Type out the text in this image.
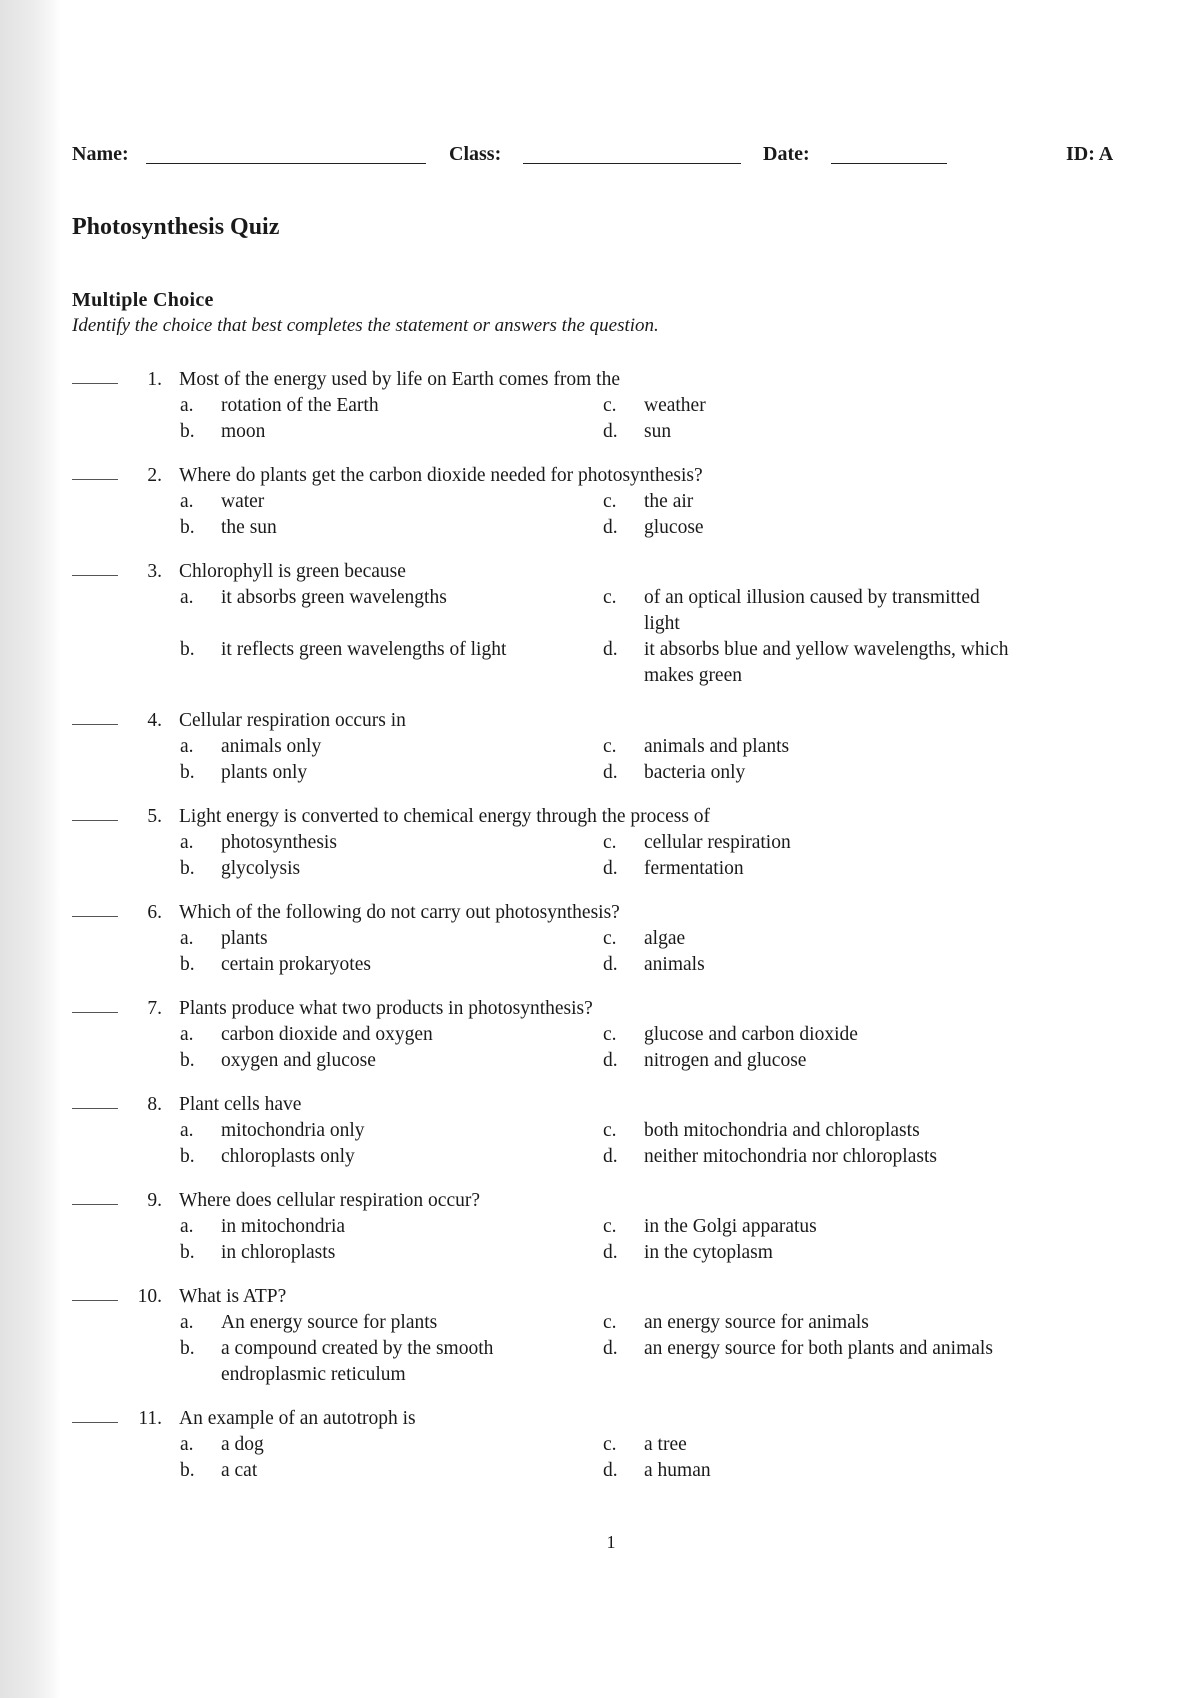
Name:	Class:	Date:	ID: A
Photosynthesis Quiz
Multiple Choice
Identify the choice that best completes the statement or answers the question.
1. Most of the energy used by life on Earth comes from the
a.	rotation of the Earth
b.	moon
c.	weather
d.	sun
2. Where do plants get the carbon dioxide needed for photosynthesis?
a.	water
b.	the sun
c.	the air
d.	glucose
3. Chlorophyll is green because
a.	it absorbs green wavelengths
b.	it reflects green wavelengths of light
c.	of an optical illusion caused by transmitted light
d.	it absorbs blue and yellow wavelengths, which makes green
4. Cellular respiration occurs in
a.	animals only
b.	plants only
c.	animals and plants
d.	bacteria only
5. Light energy is converted to chemical energy through the process of
a.	photosynthesis
b.	glycolysis
c.	cellular respiration
d.	fermentation
6. Which of the following do not carry out photosynthesis?
a.	plants
b.	certain prokaryotes
c.	algae
d.	animals
7. Plants produce what two products in photosynthesis?
a.	carbon dioxide and oxygen
b.	oxygen and glucose
c.	glucose and carbon dioxide
d.	nitrogen and glucose
8. Plant cells have
a.	mitochondria only
b.	chloroplasts only
c.	both mitochondria and chloroplasts
d.	neither mitochondria nor chloroplasts
9. Where does cellular respiration occur?
a.	in mitochondria
b.	in chloroplasts
c.	in the Golgi apparatus
d.	in the cytoplasm
10. What is ATP?
a.	An energy source for plants
b.	a compound created by the smooth endroplasmic reticulum
c.	an energy source for animals
d.	an energy source for both plants and animals
11. An example of an autotroph is
a.	a dog
b.	a cat
c.	a tree
d.	a human
1
